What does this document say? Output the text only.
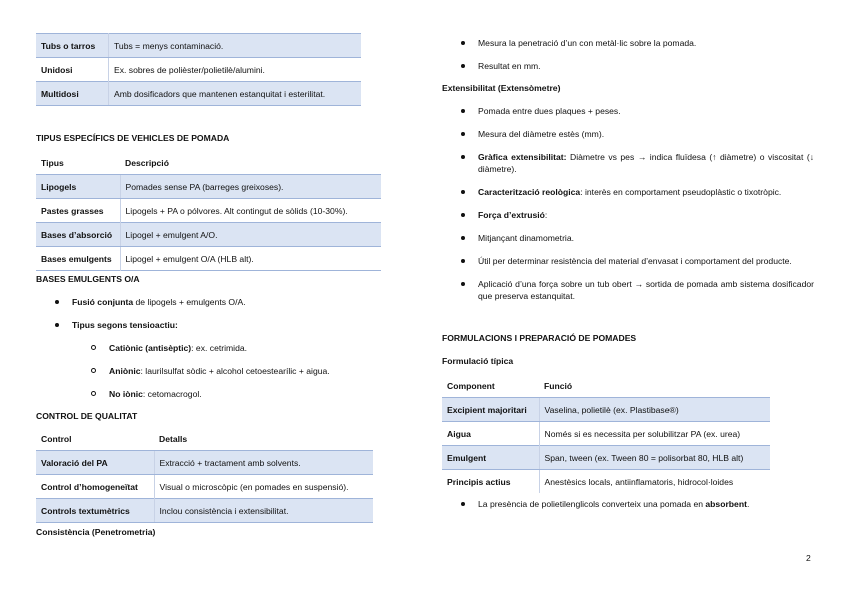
Tubs o tarros	Tubs = menys contaminació.
Unidosi	Ex. sobres de polièster/polietilè/alumini.
Multidosi	Amb dosificadors que mantenen estanquitat i esterilitat.

TIPUS ESPECÍFICS DE VEHICLES DE POMADA

Tipus	Descripció
Lipogels	Pomades sense PA (barreges greixoses).
Pastes grasses	Lipogels + PA o pólvores. Alt contingut de sòlids (10-30%).
Bases d’absorció	Lipogel + emulgent A/O.
Bases emulgents	Lipogel + emulgent O/A (HLB alt).

BASES EMULGENTS O/A

Fusió conjunta de lipogels + emulgents O/A.
Tipus segons tensioactiu:
Catiònic (antisèptic): ex. cetrimida.
Aniònic: laurilsulfat sòdic + alcohol cetoestearílic + aigua.
No iònic: cetomacrogol.

CONTROL DE QUALITAT

Control	Detalls
Valoració del PA	Extracció + tractament amb solvents.
Control d’homogeneïtat	Visual o microscòpic (en pomades en suspensió).
Controls textumètrics	Inclou consistència i extensibilitat.

Consistència (Penetrometria)

Mesura la penetració d’un con metàl·lic sobre la pomada.
Resultat en mm.

Extensibilitat (Extensòmetre)

Pomada entre dues plaques + peses.
Mesura del diàmetre estès (mm).
Gràfica extensibilitat: Diàmetre vs pes → indica fluïdesa (↑ diàmetre) o viscositat (↓ diàmetre).
Caracterització reològica: interès en comportament pseudoplàstic o tixotròpic.
Força d’extrusió:
Mitjançant dinamometria.
Útil per determinar resistència del material d’envasat i comportament del producte.
Aplicació d’una força sobre un tub obert → sortida de pomada amb sistema dosificador que preserva estanquitat.

FORMULACIONS I PREPARACIÓ DE POMADES

Formulació típica

Component	Funció
Excipient majoritari	Vaselina, polietilè (ex. Plastibase®)
Aigua	Només si es necessita per solubilitzar PA (ex. urea)
Emulgent	Span, tween (ex. Tween 80 = polisorbat 80, HLB alt)
Principis actius	Anestèsics locals, antiinflamatoris, hidrocol·loides
La presència de polietilenglicols converteix una pomada en absorbent.
2
